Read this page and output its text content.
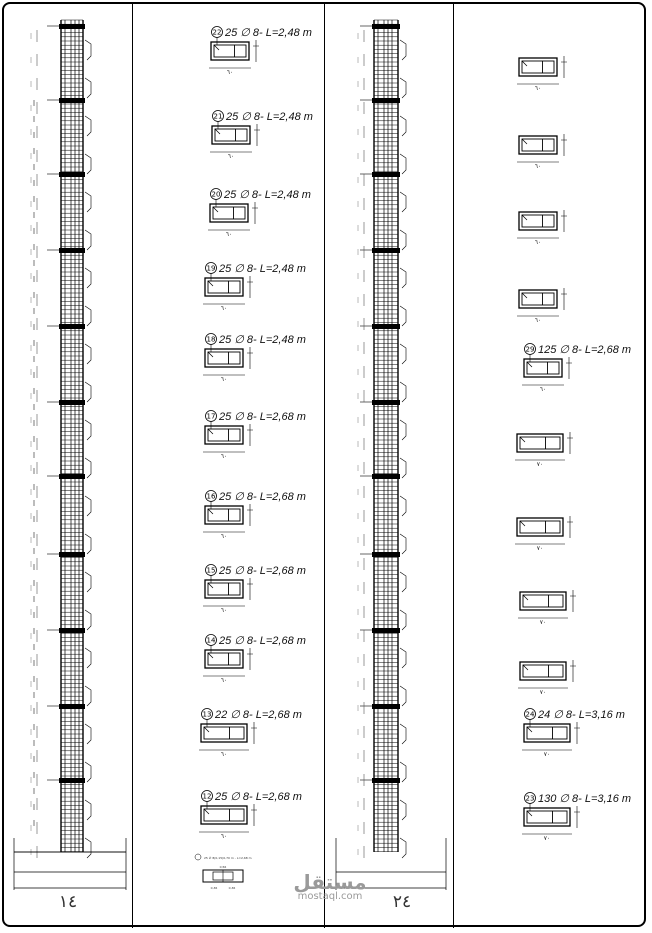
22 25 ∅ 8- L=2,48 m
٦٠
21 25 ∅ 8- L=2,48 m
٦٠
20 25 ∅ 8- L=2,48 m
٦٠
19 25 ∅ 8- L=2,48 m
٦٠
18 25 ∅ 8- L=2,48 m
٦٠
17 25 ∅ 8- L=2,68 m
٦٠
16 25 ∅ 8- L=2,68 m
٦٠
15 25 ∅ 8- L=2,68 m
٦٠
14 25 ∅ 8- L=2,68 m
٦٠
13 22 ∅ 8- L=2,68 m
٦٠
12 25 ∅ 8- L=2,68 m
٦٠
٦٠
٦٠
٦٠
٦٠
29 125 ∅ 8- L=2,68 m
٦٠
٧٠
٧٠
٧٠
٧٠
24 24 ∅ 8- L=3,16 m
٧٠
23 130 ∅ 8- L=3,16 m
٧٠
25 ∅ 8(0,15)0,70 m - L=2,68 m
0,56
0,36	0,36
١٤	٢٤
مستقل
mostaql.com
